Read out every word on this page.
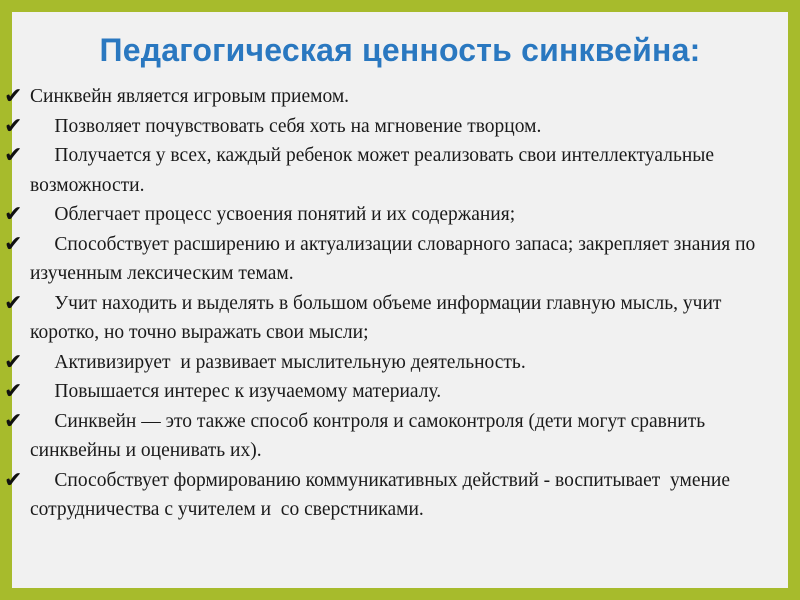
Педагогическая ценность синквейна:
✔ Синквейн является игровым приемом.
✔ Позволяет почувствовать себя хоть на мгновение творцом.
✔ Получается у всех, каждый ребенок может реализовать свои интеллектуальные возможности.
✔ Облегчает процесс усвоения понятий и их содержания;
✔ Способствует расширению и актуализации словарного запаса; закрепляет знания по изученным лексическим темам.
✔ Учит находить и выделять в большом объеме информации главную мысль, учит коротко, но точно выражать свои мысли;
✔ Активизирует  и развивает мыслительную деятельность.
✔ Повышается интерес к изучаемому материалу.
✔ Синквейн — это также способ контроля и самоконтроля (дети могут сравнить синквейны и оценивать их).
✔ Способствует формированию коммуникативных действий - воспитывает  умение сотрудничества с учителем и  со сверстниками.
